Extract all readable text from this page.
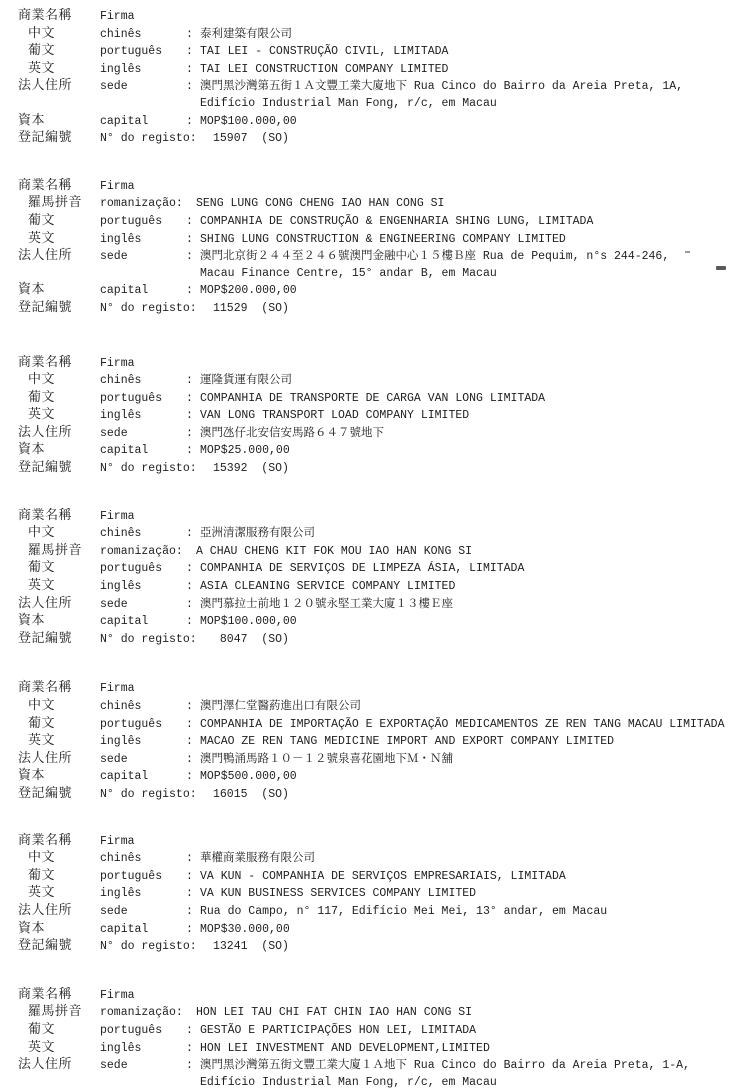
商業名稱	Firma
中文	chinês	: 泰利建築有限公司
葡文	português	: TAI LEI - CONSTRUÇÃO CIVIL, LIMITADA
英文	inglês	: TAI LEI CONSTRUCTION COMPANY LIMITED
法人住所	sede	: 澳門黑沙灣第五街１Ａ文豐工業大廈地下 Rua Cinco do Bairro da Areia Preta, 1A,
Edifício Industrial Man Fong, r/c, em Macau
資本	capital	: MOP$100.000,00
登記編號	N° do registo:	15907  (SO)
商業名稱	Firma
羅馬拼音	romanização:	SENG LUNG CONG CHENG IAO HAN CONG SI
葡文	português	: COMPANHIA DE CONSTRUÇÃO & ENGENHARIA SHING LUNG, LIMITADA
英文	inglês	: SHING LUNG CONSTRUCTION & ENGINEERING COMPANY LIMITED
法人住所	sede	: 澳門北京街２４４至２４６號澳門金融中心１５樓Ｂ座 Rua de Pequim, n°s 244-246,
Macau Finance Centre, 15° andar B, em Macau
資本	capital	: MOP$200.000,00
登記編號	N° do registo:	11529  (SO)
商業名稱	Firma
中文	chinês	: 運隆貨運有限公司
葡文	português	: COMPANHIA DE TRANSPORTE DE CARGA VAN LONG LIMITADA
英文	inglês	: VAN LONG TRANSPORT LOAD COMPANY LIMITED
法人住所	sede	: 澳門氹仔北安信安馬路６４７號地下
資本	capital	: MOP$25.000,00
登記編號	N° do registo:	15392  (SO)
商業名稱	Firma
中文	chinês	: 亞洲清潔服務有限公司
羅馬拼音	romanização:	A CHAU CHENG KIT FOK MOU IAO HAN KONG SI
葡文	português	: COMPANHIA DE SERVIÇOS DE LIMPEZA ÁSIA, LIMITADA
英文	inglês	: ASIA CLEANING SERVICE COMPANY LIMITED
法人住所	sede	: 澳門慕拉士前地１２０號永堅工業大廈１３樓Ｅ座
資本	capital	: MOP$100.000,00
登記編號	N° do registo:	8047  (SO)
商業名稱	Firma
中文	chinês	: 澳門澤仁堂醫葯進出口有限公司
葡文	português	: COMPANHIA DE IMPORTAÇÃO E EXPORTAÇÃO MEDICAMENTOS ZE REN TANG MACAU LIMITADA
英文	inglês	: MACAO ZE REN TANG MEDICINE IMPORT AND EXPORT COMPANY LIMITED
法人住所	sede	: 澳門鴨涌馬路１０－１２號泉喜花園地下Ｍ・Ｎ舖
資本	capital	: MOP$500.000,00
登記編號	N° do registo:	16015  (SO)
商業名稱	Firma
中文	chinês	: 華權商業服務有限公司
葡文	português	: VA KUN - COMPANHIA DE SERVIÇOS EMPRESARIAIS, LIMITADA
英文	inglês	: VA KUN BUSINESS SERVICES COMPANY LIMITED
法人住所	sede	: Rua do Campo, n° 117, Edifício Mei Mei, 13° andar, em Macau
資本	capital	: MOP$30.000,00
登記編號	N° do registo:	13241  (SO)
商業名稱	Firma
羅馬拼音	romanização:	HON LEI TAU CHI FAT CHIN IAO HAN CONG SI
葡文	português	: GESTÃO E PARTICIPAÇÕES HON LEI, LIMITADA
英文	inglês	: HON LEI INVESTMENT AND DEVELOPMENT,LIMITED
法人住所	sede	: 澳門黑沙灣第五街文豐工業大廈１Ａ地下 Rua Cinco do Bairro da Areia Preta, 1-A,
Edifício Industrial Man Fong, r/c, em Macau
